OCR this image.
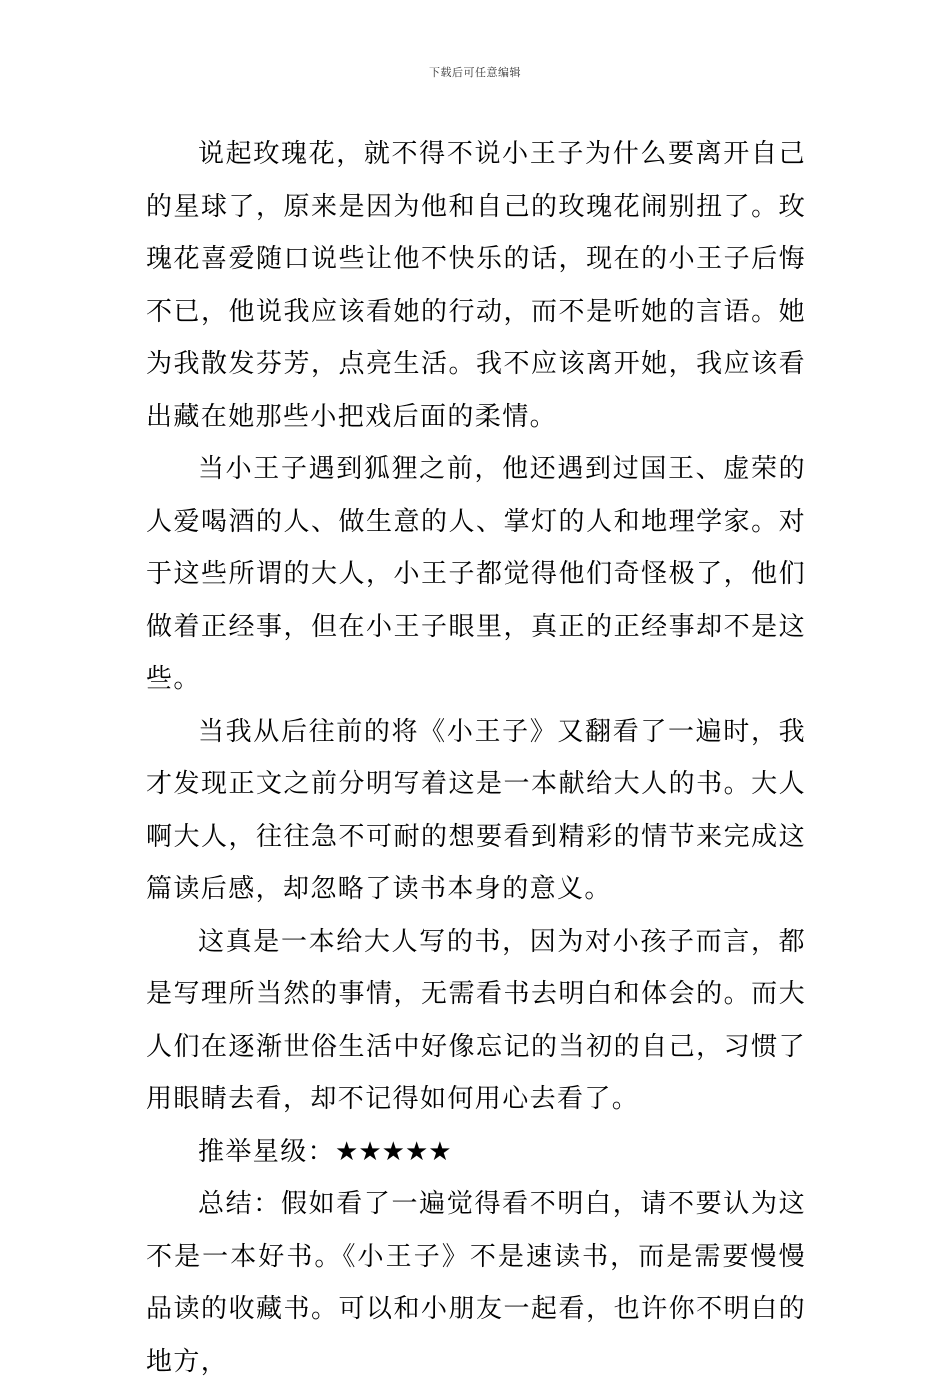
下载后可任意编辑

说起玫瑰花，就不得不说小王子为什么要离开自己的星球了，原来是因为他和自己的玫瑰花闹别扭了。玫瑰花喜爱随口说些让他不快乐的话，现在的小王子后悔不已，他说我应该看她的行动，而不是听她的言语。她为我散发芬芳，点亮生活。我不应该离开她，我应该看出藏在她那些小把戏后面的柔情。

当小王子遇到狐狸之前，他还遇到过国王、虚荣的人爱喝酒的人、做生意的人、掌灯的人和地理学家。对于这些所谓的大人，小王子都觉得他们奇怪极了，他们做着正经事，但在小王子眼里，真正的正经事却不是这些。

当我从后往前的将《小王子》又翻看了一遍时，我才发现正文之前分明写着这是一本献给大人的书。大人啊大人，往往急不可耐的想要看到精彩的情节来完成这篇读后感，却忽略了读书本身的意义。

这真是一本给大人写的书，因为对小孩子而言，都是写理所当然的事情，无需看书去明白和体会的。而大人们在逐渐世俗生活中好像忘记的当初的自己，习惯了用眼睛去看，却不记得如何用心去看了。

推举星级：★★★★★

总结：假如看了一遍觉得看不明白，请不要认为这不是一本好书。《小王子》不是速读书，而是需要慢慢品读的收藏书。可以和小朋友一起看，也许你不明白的地方，
